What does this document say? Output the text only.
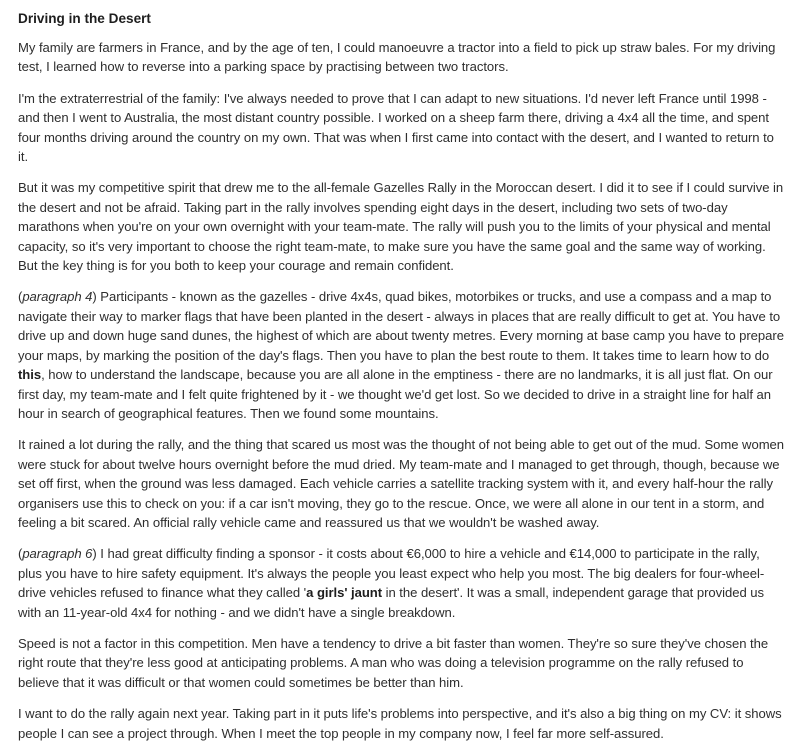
Driving in the Desert

My family are farmers in France, and by the age of ten, I could manoeuvre a tractor into a field to pick up straw bales. For my driving test, I learned how to reverse into a parking space by practising between two tractors.

I'm the extraterrestrial of the family: I've always needed to prove that I can adapt to new situations. I'd never left France until 1998 - and then I went to Australia, the most distant country possible. I worked on a sheep farm there, driving a 4x4 all the time, and spent four months driving around the country on my own. That was when I first came into contact with the desert, and I wanted to return to it.

But it was my competitive spirit that drew me to the all-female Gazelles Rally in the Moroccan desert. I did it to see if I could survive in the desert and not be afraid. Taking part in the rally involves spending eight days in the desert, including two sets of two-day marathons when you're on your own overnight with your team-mate. The rally will push you to the limits of your physical and mental capacity, so it's very important to choose the right team-mate, to make sure you have the same goal and the same way of working. But the key thing is for you both to keep your courage and remain confident.

(paragraph 4) Participants - known as the gazelles - drive 4x4s, quad bikes, motorbikes or trucks, and use a compass and a map to navigate their way to marker flags that have been planted in the desert - always in places that are really difficult to get at. You have to drive up and down huge sand dunes, the highest of which are about twenty metres. Every morning at base camp you have to prepare your maps, by marking the position of the day's flags. Then you have to plan the best route to them. It takes time to learn how to do this, how to understand the landscape, because you are all alone in the emptiness - there are no landmarks, it is all just flat. On our first day, my team-mate and I felt quite frightened by it - we thought we'd get lost. So we decided to drive in a straight line for half an hour in search of geographical features. Then we found some mountains.

It rained a lot during the rally, and the thing that scared us most was the thought of not being able to get out of the mud. Some women were stuck for about twelve hours overnight before the mud dried. My team-mate and I managed to get through, though, because we set off first, when the ground was less damaged. Each vehicle carries a satellite tracking system with it, and every half-hour the rally organisers use this to check on you: if a car isn't moving, they go to the rescue. Once, we were all alone in our tent in a storm, and feeling a bit scared. An official rally vehicle came and reassured us that we wouldn't be washed away.

(paragraph 6) I had great difficulty finding a sponsor - it costs about €6,000 to hire a vehicle and €14,000 to participate in the rally, plus you have to hire safety equipment. It's always the people you least expect who help you most. The big dealers for four-wheel-drive vehicles refused to finance what they called 'a girls' jaunt in the desert'. It was a small, independent garage that provided us with an 11-year-old 4x4 for nothing - and we didn't have a single breakdown.

Speed is not a factor in this competition. Men have a tendency to drive a bit faster than women. They're so sure they've chosen the right route that they're less good at anticipating problems. A man who was doing a television programme on the rally refused to believe that it was difficult or that women could sometimes be better than him.

I want to do the rally again next year. Taking part in it puts life's problems into perspective, and it's also a big thing on my CV: it shows people I can see a project through. When I meet the top people in my company now, I feel far more self-assured.
